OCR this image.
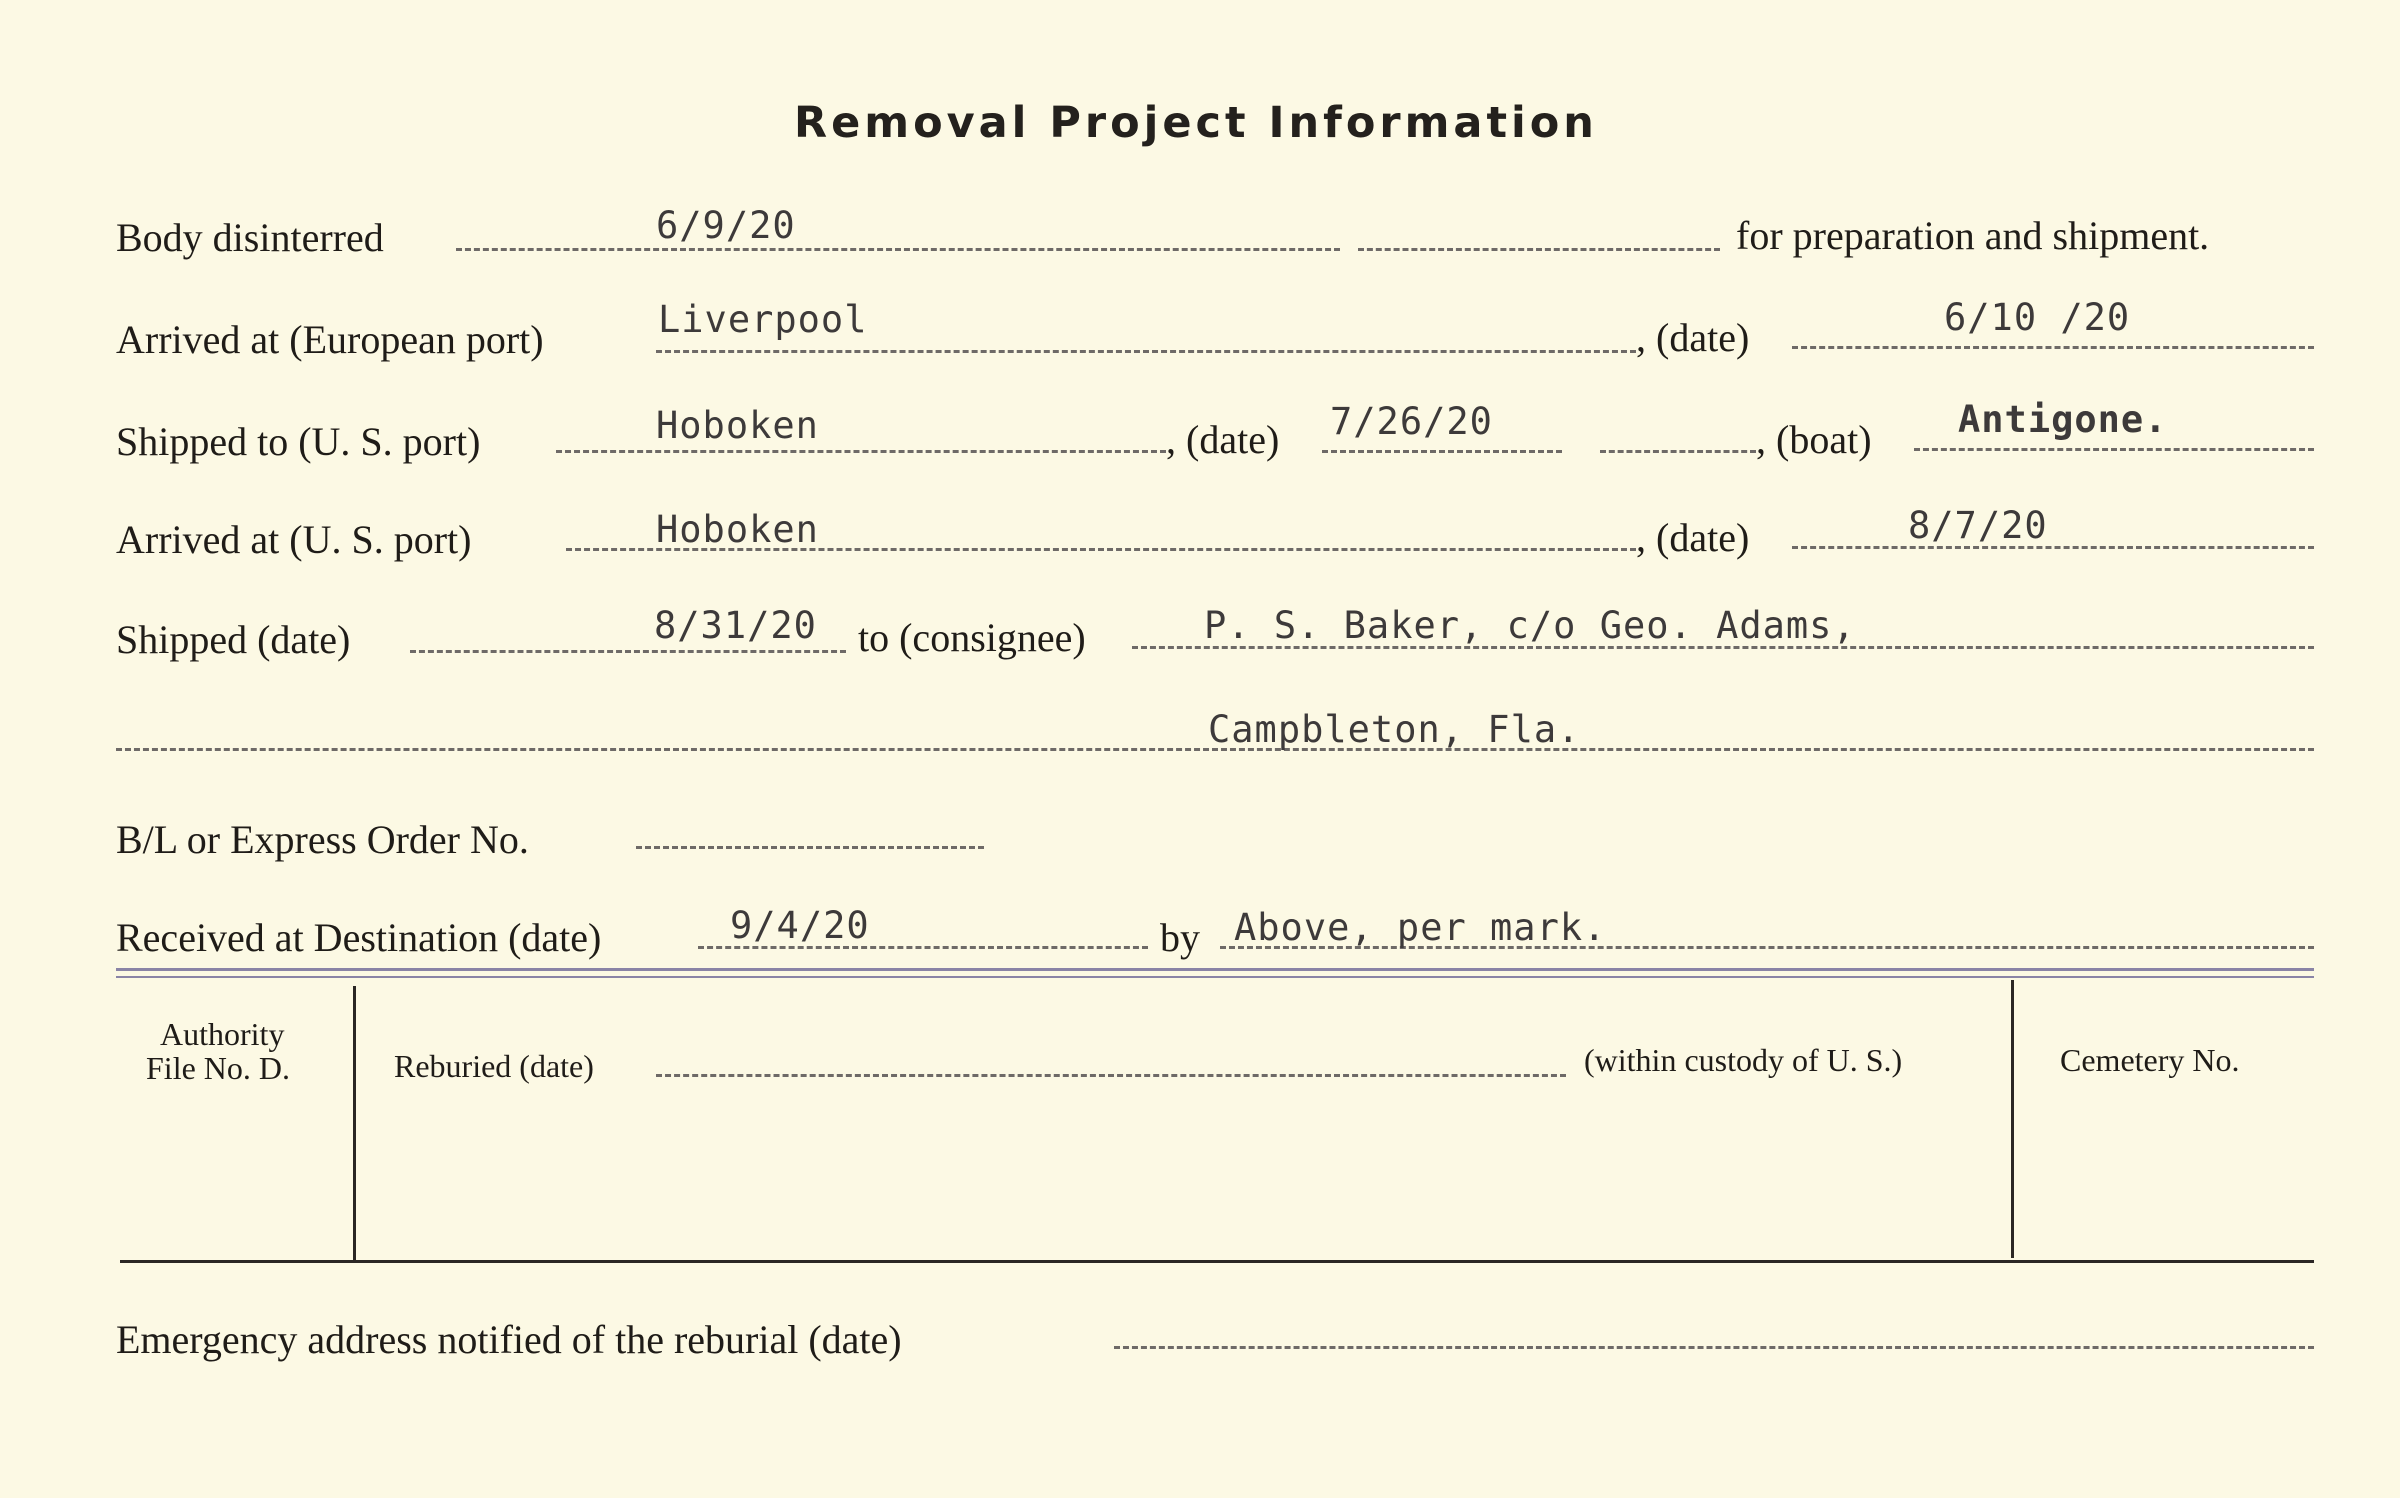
Removal Project Information
Body disinterred	6/9/20	for preparation and shipment.
Arrived at (European port)	Liverpool	, (date)	6/10 /20
Shipped to (U. S. port)	Hoboken	, (date) 7/26/20	, (boat) Antigone.
Arrived at (U. S. port)	Hoboken	, (date)	8/7/20
Shipped (date)	8/31/20 to (consignee)	P. S. Baker, c/o Geo. Adams,
Campbleton, Fla.
B/L or Express Order No.
Received at Destination (date)	9/4/20	by Above, per mark.
Authority
File No. D.	Reburied (date)	(within custody of U. S.)	Cemetery No.
Emergency address notified of the reburial (date)
